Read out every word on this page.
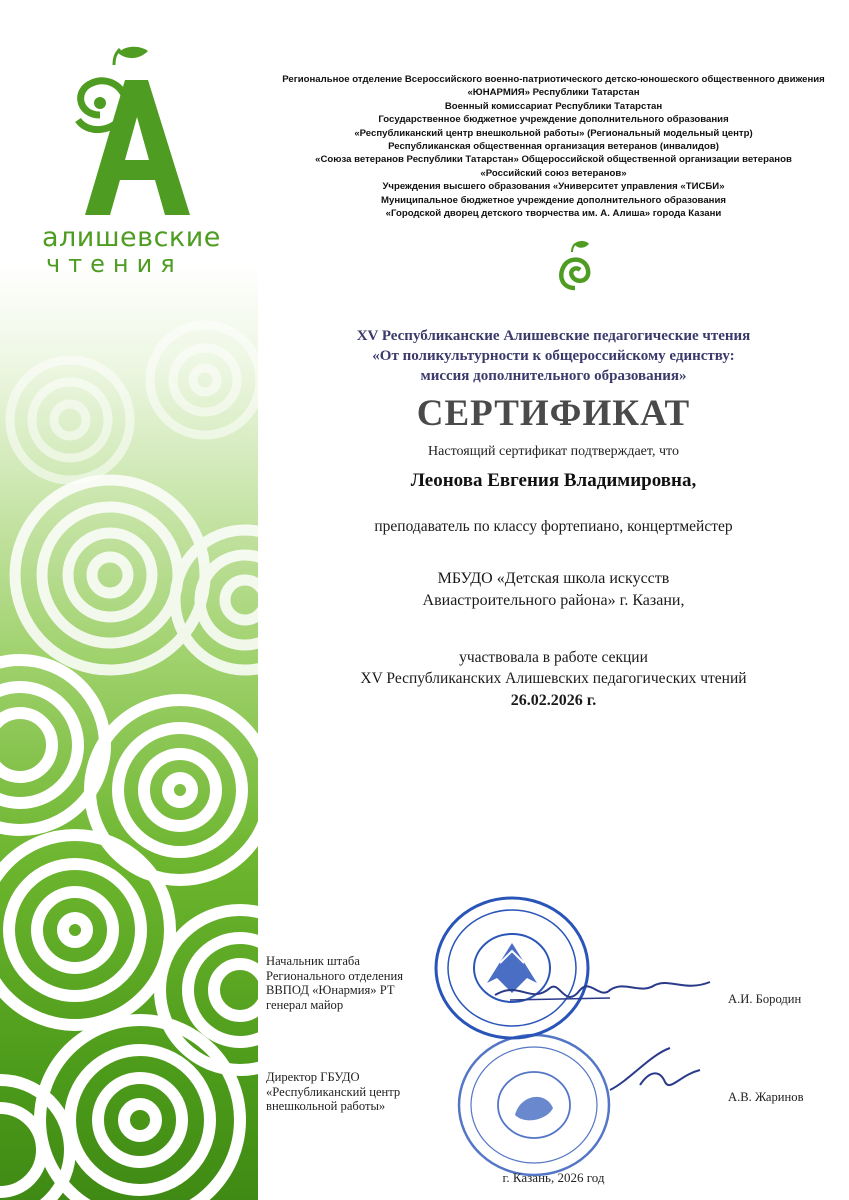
алишевские
чтения
Региональное отделение Всероссийского военно-патриотического детско-юношеского общественного движения
«ЮНАРМИЯ» Республики Татарстан
Военный комиссариат Республики Татарстан
Государственное бюджетное учреждение дополнительного образования
«Республиканский центр внешкольной работы» (Региональный модельный центр)
Республиканская общественная организация ветеранов (инвалидов)
«Союза ветеранов Республики Татарстан» Общероссийской общественной организации ветеранов
«Российский союз ветеранов»
Учреждения высшего образования «Университет управления «ТИСБИ»
Муниципальное бюджетное учреждение дополнительного образования
«Городской дворец детского творчества им. А. Алиша» города Казани
XV Республиканские Алишевские педагогические чтения
«От поликультурности к общероссийскому единству:
миссия дополнительного образования»
СЕРТИФИКАТ
Настоящий сертификат подтверждает, что
Леонова Евгения Владимировна,
преподаватель по классу фортепиано, концертмейстер
МБУДО «Детская школа искусств
Авиастроительного района» г. Казани,
участвовала в работе секции
XV Республиканских Алишевских педагогических чтений
26.02.2026 г.
Начальник штаба
Регионального отделения
ВВПОД «Юнармия» РТ
генерал майор	А.И. Бородин
Директор ГБУДО
«Республиканский центр
внешкольной работы»
А.В. Жаринов
г. Казань, 2026 год
